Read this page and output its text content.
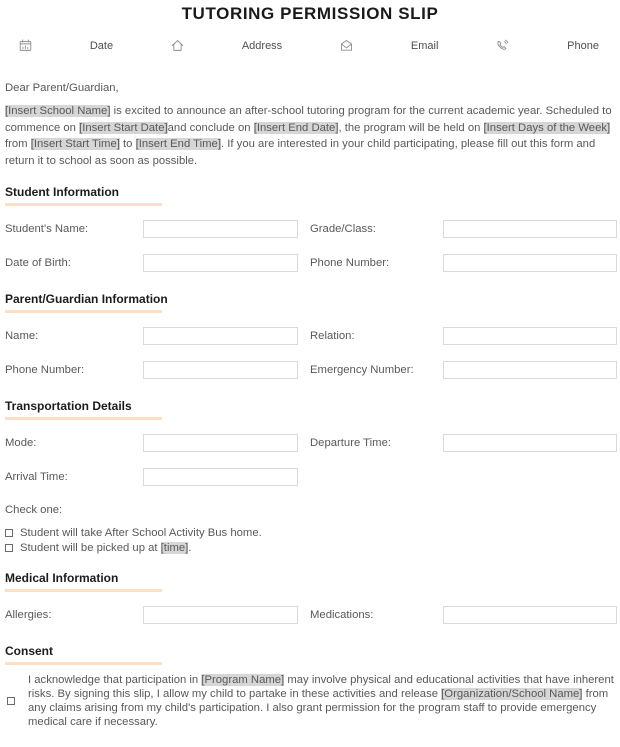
TUTORING PERMISSION SLIP
Date	Address	Email	Phone

Dear Parent/Guardian,

[Insert School Name] is excited to announce an after-school tutoring program for the current academic year. Scheduled to commence on [Insert Start Date]and conclude on [Insert End Date], the program will be held on [Insert Days of the Week] from [Insert Start Time] to [Insert End Time]. If you are interested in your child participating, please fill out this form and return it to school as soon as possible.

Student Information
Student's Name:	Grade/Class:
Date of Birth:	Phone Number:
Parent/Guardian Information
Name:	Relation:
Phone Number:	Emergency Number:
Transportation Details
Mode:	Departure Time:
Arrival Time:
Check one:
Student will take After School Activity Bus home.
Student will be picked up at [time].
Medical Information
Allergies:	Medications:
Consent
I acknowledge that participation in [Program Name] may involve physical and educational activities that have inherent risks. By signing this slip, I allow my child to partake in these activities and release [Organization/School Name] from any claims arising from my child's participation. I also grant permission for the program staff to provide emergency medical care if necessary.
